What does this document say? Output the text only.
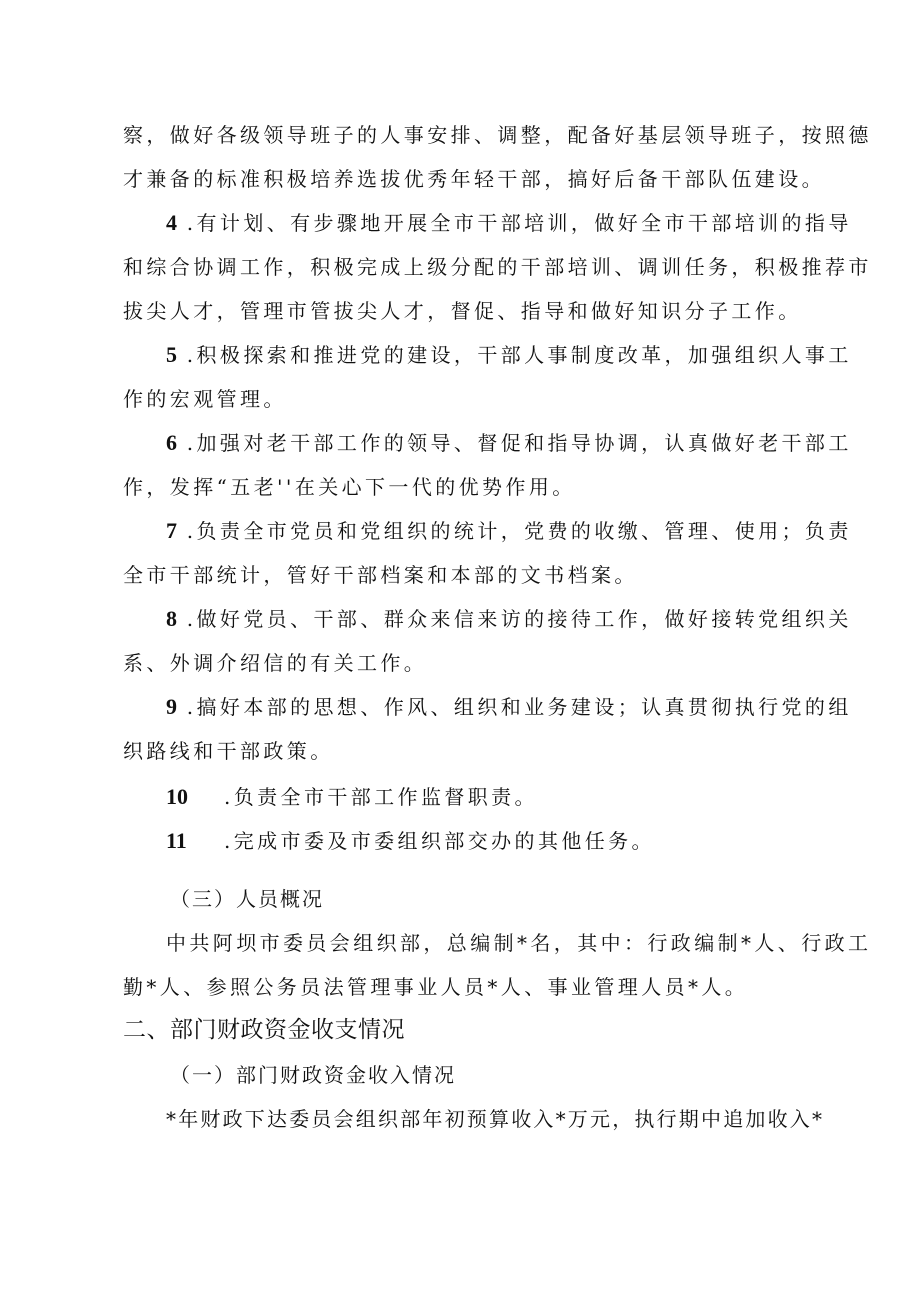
察，做好各级领导班子的人事安排、调整，配备好基层领导班子，按照德
才兼备的标准积极培养选拔优秀年轻干部，搞好后备干部队伍建设。
4 .有计划、有步骤地开展全市干部培训，做好全市干部培训的指导
和综合协调工作，积极完成上级分配的干部培训、调训任务，积极推荐市
拔尖人才，管理市管拔尖人才，督促、指导和做好知识分子工作。
5 .积极探索和推进党的建设，干部人事制度改革，加强组织人事工
作的宏观管理。
6 .加强对老干部工作的领导、督促和指导协调，认真做好老干部工
作，发挥“五老''在关心下一代的优势作用。
7 .负责全市党员和党组织的统计，党费的收缴、管理、使用；负责
全市干部统计，管好干部档案和本部的文书档案。
8 .做好党员、干部、群众来信来访的接待工作，做好接转党组织关
系、外调介绍信的有关工作。
9 .搞好本部的思想、作风、组织和业务建设；认真贯彻执行党的组
织路线和干部政策。
10 .负责全市干部工作监督职责。
11 .完成市委及市委组织部交办的其他任务。
（三）人员概况
中共阿坝市委员会组织部，总编制*名，其中：行政编制*人、行政工
勤*人、参照公务员法管理事业人员*人、事业管理人员*人。
二、部门财政资金收支情况
（一）部门财政资金收入情况
*年财政下达委员会组织部年初预算收入*万元，执行期中追加收入*
